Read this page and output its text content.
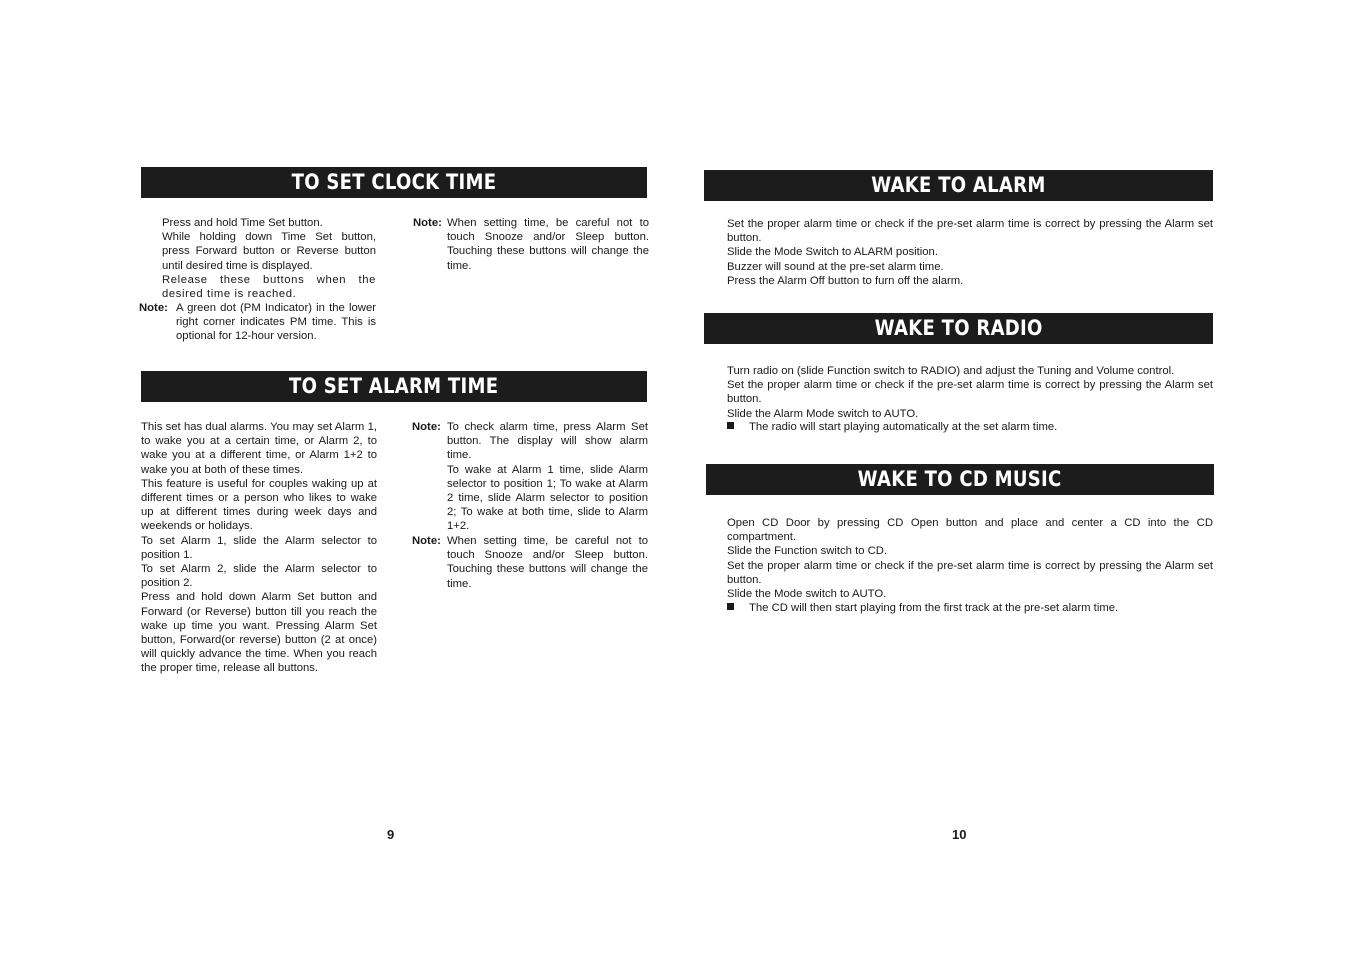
TO SET CLOCK TIME
Press and hold Time Set button.
While holding down Time Set button, press Forward button or Reverse button until desired time is displayed.
Release these buttons when the desired time is reached.
Note: A green dot (PM Indicator) in the lower right corner indicates PM time. This is optional for 12-hour version.
Note: When setting time, be careful not to touch Snooze and/or Sleep button. Touching these buttons will change the time.
TO SET ALARM TIME
This set has dual alarms. You may set Alarm 1, to wake you at a certain time, or Alarm 2, to wake you at a different time, or Alarm 1+2 to wake you at both of these times.
This feature is useful for couples waking up at different times or a person who likes to wake up at different times during week days and weekends or holidays.
To set Alarm 1, slide the Alarm selector to position 1.
To set Alarm 2, slide the Alarm selector to position 2.
Press and hold down Alarm Set button and Forward (or Reverse) button till you reach the wake up time you want. Pressing Alarm Set button, Forward(or reverse) button (2 at once) will quickly advance the time. When you reach the proper time, release all buttons.
Note: To check alarm time, press Alarm Set button. The display will show alarm time.

To wake at Alarm 1 time, slide Alarm selector to position 1; To wake at Alarm 2 time, slide Alarm selector to position 2; To wake at both time, slide to Alarm 1+2.

Note: When setting time, be careful not to touch Snooze and/or Sleep button. Touching these buttons will change the time.
9
WAKE TO ALARM
Set the proper alarm time or check if the pre-set alarm time is correct by pressing the Alarm set button.
Slide the Mode Switch to ALARM position.
Buzzer will sound at the pre-set alarm time.
Press the Alarm Off button to furn off the alarm.
WAKE TO RADIO
Turn radio on (slide Function switch to RADIO) and adjust the Tuning and Volume control.
Set the proper alarm time or check if the pre-set alarm time is correct by pressing the Alarm set button.
Slide the Alarm Mode switch to AUTO.
The radio will start playing automatically at the set alarm time.
WAKE TO CD MUSIC
Open CD Door by pressing CD Open button and place and center a CD into the CD compartment.
Slide the Function switch to CD.
Set the proper alarm time or check if the pre-set alarm time is correct by pressing the Alarm set button.
Slide the Mode switch to AUTO.
The CD will then start playing from the first track at the pre-set alarm time.
10
